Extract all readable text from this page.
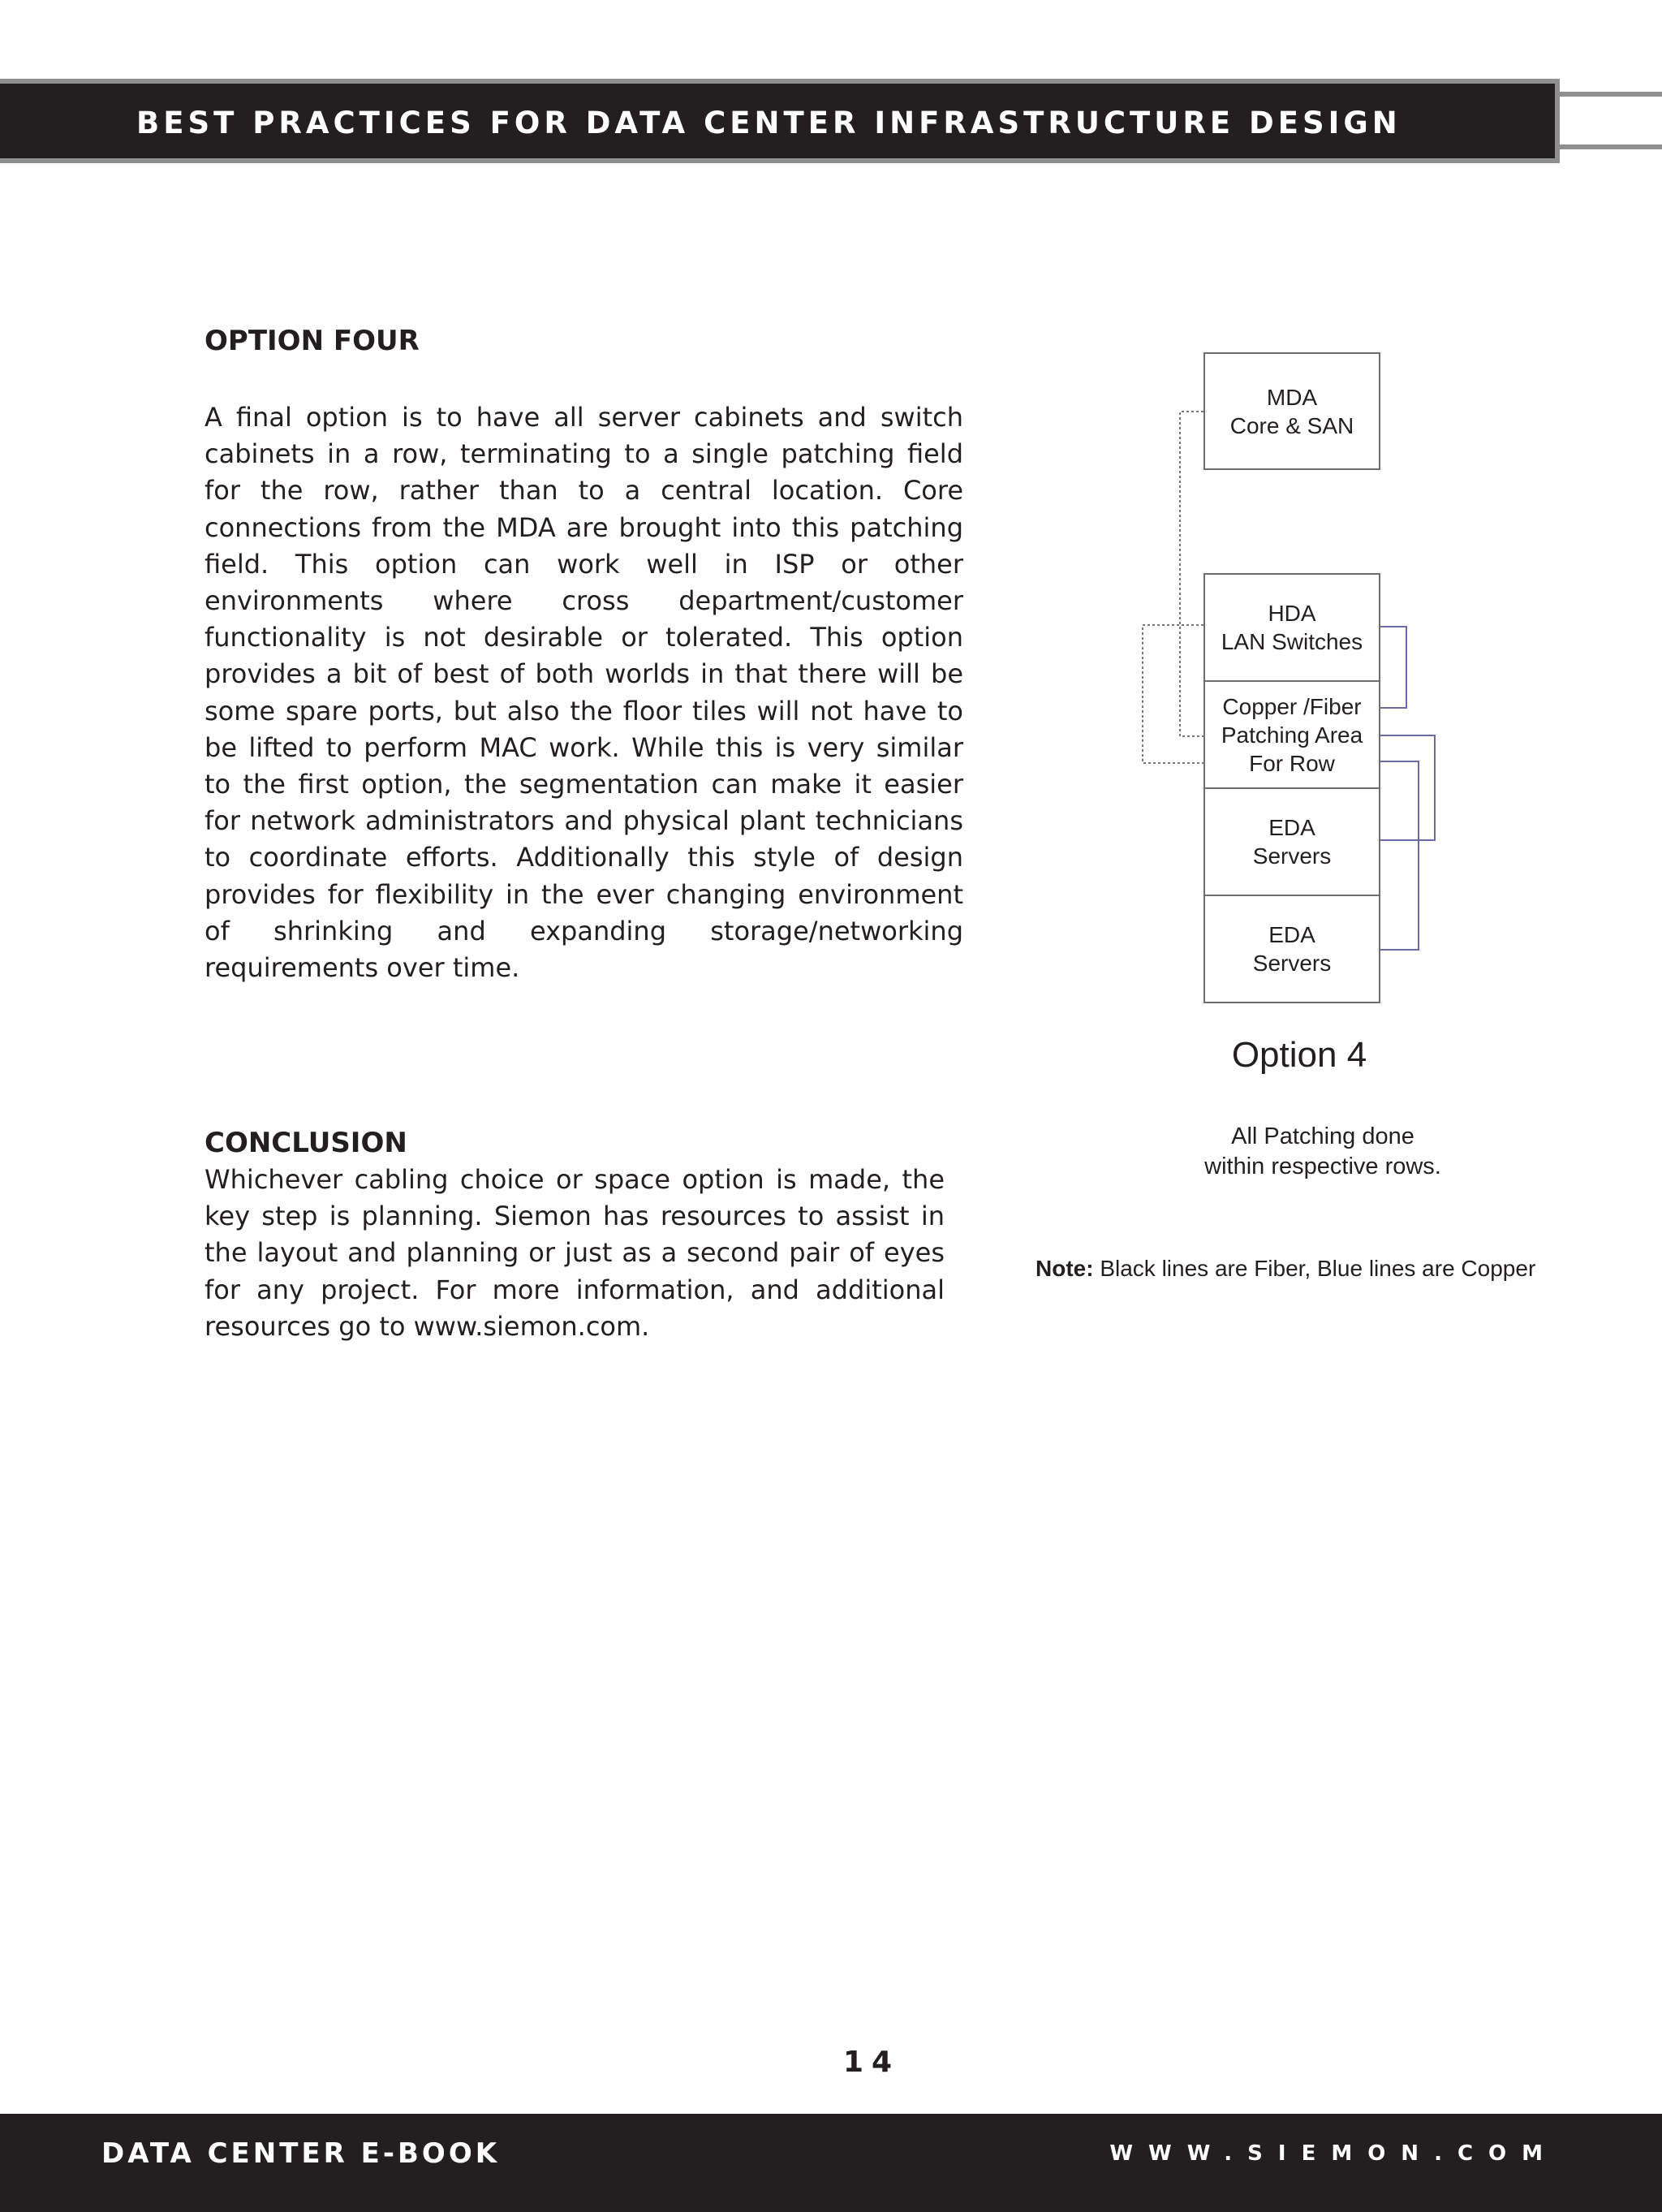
BEST PRACTICES FOR DATA CENTER INFRASTRUCTURE DESIGN
OPTION FOUR

A final option is to have all server cabinets and switch cabinets in a row, terminating to a single patching field for the row, rather than to a central location. Core connections from the MDA are brought into this patching field. This option can work well in ISP or other environments where cross department/customer functionality is not desirable or tolerated. This option provides a bit of best of both worlds in that there will be some spare ports, but also the floor tiles will not have to be lifted to perform MAC work. While this is very similar to the first option, the segmentation can make it easier for network administrators and physical plant technicians to coordinate efforts. Additionally this style of design provides for flexibility in the ever changing environment of shrinking and expanding storage/networking requirements over time.

CONCLUSION

Whichever cabling choice or space option is made, the key step is planning. Siemon has resources to assist in the layout and planning or just as a second pair of eyes for any project. For more information, and additional resources go to www.siemon.com.

MDA
Core & SAN
HDA
LAN Switches
Copper /Fiber
Patching Area
For Row
EDA
Servers
EDA
Servers
Option 4
All Patching done
within respective rows.
Note: Black lines are Fiber, Blue lines are Copper
14
DATA CENTER E-BOOK	WWW.SIEMON.COM
